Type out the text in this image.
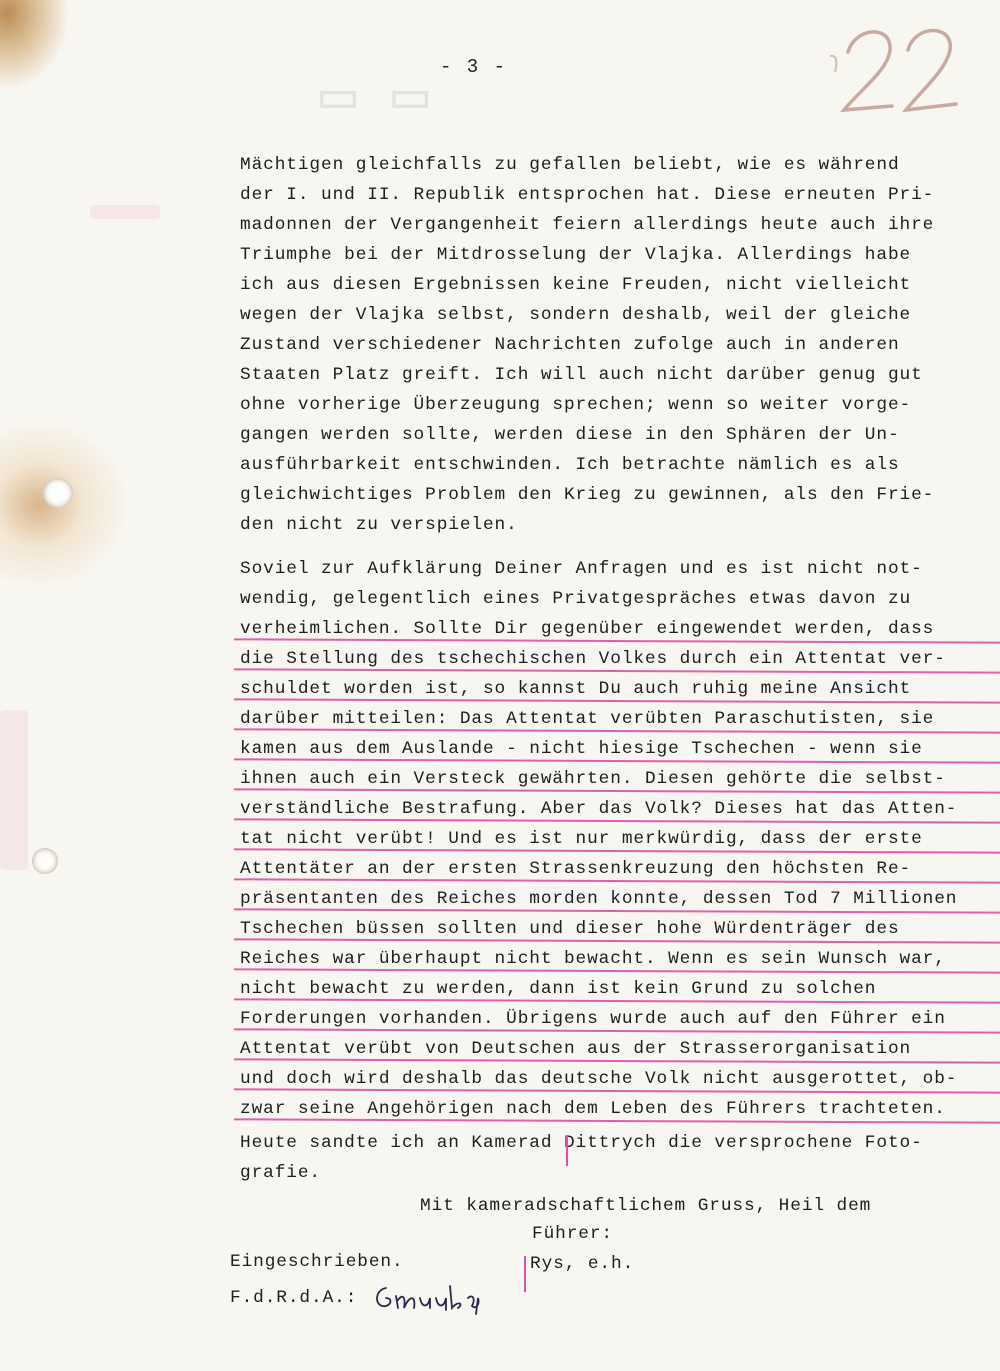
▭ ▭ - 3 -
Mächtigen gleichfalls zu gefallen beliebt, wie es während
der I. und II. Republik entsprochen hat. Diese erneuten Pri-
madonnen der Vergangenheit feiern allerdings heute auch ihre
Triumphe bei der Mitdrosselung der Vlajka. Allerdings habe
ich aus diesen Ergebnissen keine Freuden, nicht vielleicht
wegen der Vlajka selbst, sondern deshalb, weil der gleiche
Zustand verschiedener Nachrichten zufolge auch in anderen
Staaten Platz greift. Ich will auch nicht darüber genug gut
ohne vorherige Überzeugung sprechen; wenn so weiter vorge-
gangen werden sollte, werden diese in den Sphären der Un-
ausführbarkeit entschwinden. Ich betrachte nämlich es als
gleichwichtiges Problem den Krieg zu gewinnen, als den Frie-
den nicht zu verspielen.
Soviel zur Aufklärung Deiner Anfragen und es ist nicht not-
wendig, gelegentlich eines Privatgespräches etwas davon zu
verheimlichen. Sollte Dir gegenüber eingewendet werden, dass
die Stellung des tschechischen Volkes durch ein Attentat ver-
schuldet worden ist, so kannst Du auch ruhig meine Ansicht
darüber mitteilen: Das Attentat verübten Paraschutisten, sie
kamen aus dem Auslande - nicht hiesige Tschechen - wenn sie
ihnen auch ein Versteck gewährten. Diesen gehörte die selbst-
verständliche Bestrafung. Aber das Volk? Dieses hat das Atten-
tat nicht verübt! Und es ist nur merkwürdig, dass der erste
Attentäter an der ersten Strassenkreuzung den höchsten Re-
präsentanten des Reiches morden konnte, dessen Tod 7 Millionen
Tschechen büssen sollten und dieser hohe Würdenträger des
Reiches war überhaupt nicht bewacht. Wenn es sein Wunsch war,
nicht bewacht zu werden, dann ist kein Grund zu solchen
Forderungen vorhanden. Übrigens wurde auch auf den Führer ein
Attentat verübt von Deutschen aus der Strasserorganisation
und doch wird deshalb das deutsche Volk nicht ausgerottet, ob-
zwar seine Angehörigen nach dem Leben des Führers trachteten.
Heute sandte ich an Kamerad Dittrych die versprochene Foto-
grafie.
Mit kameradschaftlichem Gruss, Heil dem
Führer:
Eingeschrieben.	Rys, e.h.
F.d.R.d.A.:
